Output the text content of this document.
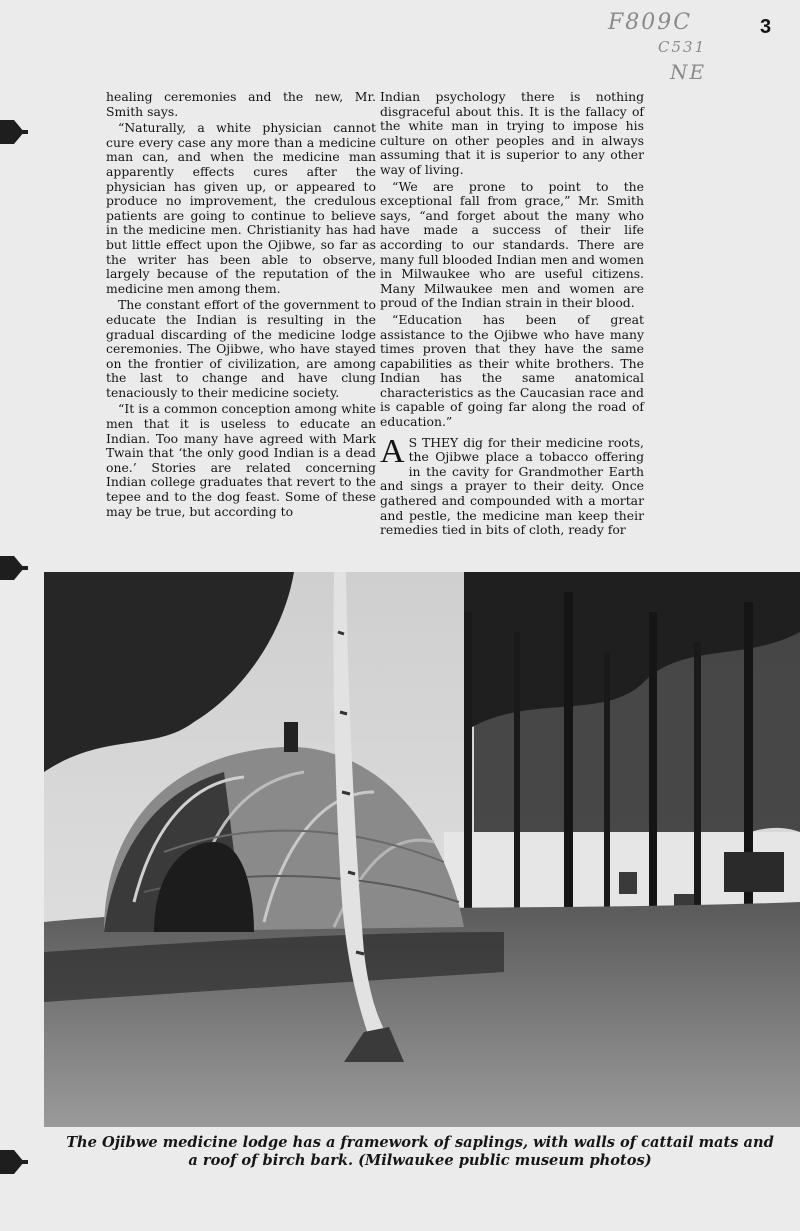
3
F809C
C531
NE

healing ceremonies and the new, Mr. Smith says.

“Naturally, a white physician cannot cure every case any more than a medicine man can, and when the medicine man apparently effects cures after the physician has given up, or appeared to produce no improvement, the credulous patients are going to continue to believe in the medicine men. Christianity has had but little effect upon the Ojibwe, so far as the writer has been able to observe, largely because of the reputation of the medicine men among them.

The constant effort of the government to educate the Indian is resulting in the gradual discarding of the medicine lodge ceremonies. The Ojibwe, who have stayed on the frontier of civilization, are among the last to change and have clung tenaciously to their medicine society.

“It is a common conception among white men that it is useless to educate an Indian. Too many have agreed with Mark Twain that ‘the only good Indian is a dead one.’ Stories are related concerning Indian college graduates that revert to the tepee and to the dog feast. Some of these may be true, but according to

Indian psychology there is nothing disgraceful about this. It is the fallacy of the white man in trying to impose his culture on other peoples and in always assuming that it is superior to any other way of living.

“We are prone to point to the exceptional fall from grace,” Mr. Smith says, “and forget about the many who have made a success of their life according to our standards. There are many full blooded Indian men and women in Milwaukee who are useful citizens. Many Milwaukee men and women are proud of the Indian strain in their blood.

“Education has been of great assistance to the Ojibwe who have many times proven that they have the same capabilities as their white brothers. The Indian has the same anatomical characteristics as the Caucasian race and is capable of going far along the road of education.”

A S THEY dig for their medicine roots, the Ojibwe place a tobacco offering in the cavity for Grandmother Earth and sings a prayer to their deity. Once gathered and compounded with a mortar and pestle, the medicine man keep their remedies tied in bits of cloth, ready for

The Ojibwe medicine lodge has a framework of saplings, with walls of cattail mats and
a roof of birch bark. (Milwaukee public museum photos)
